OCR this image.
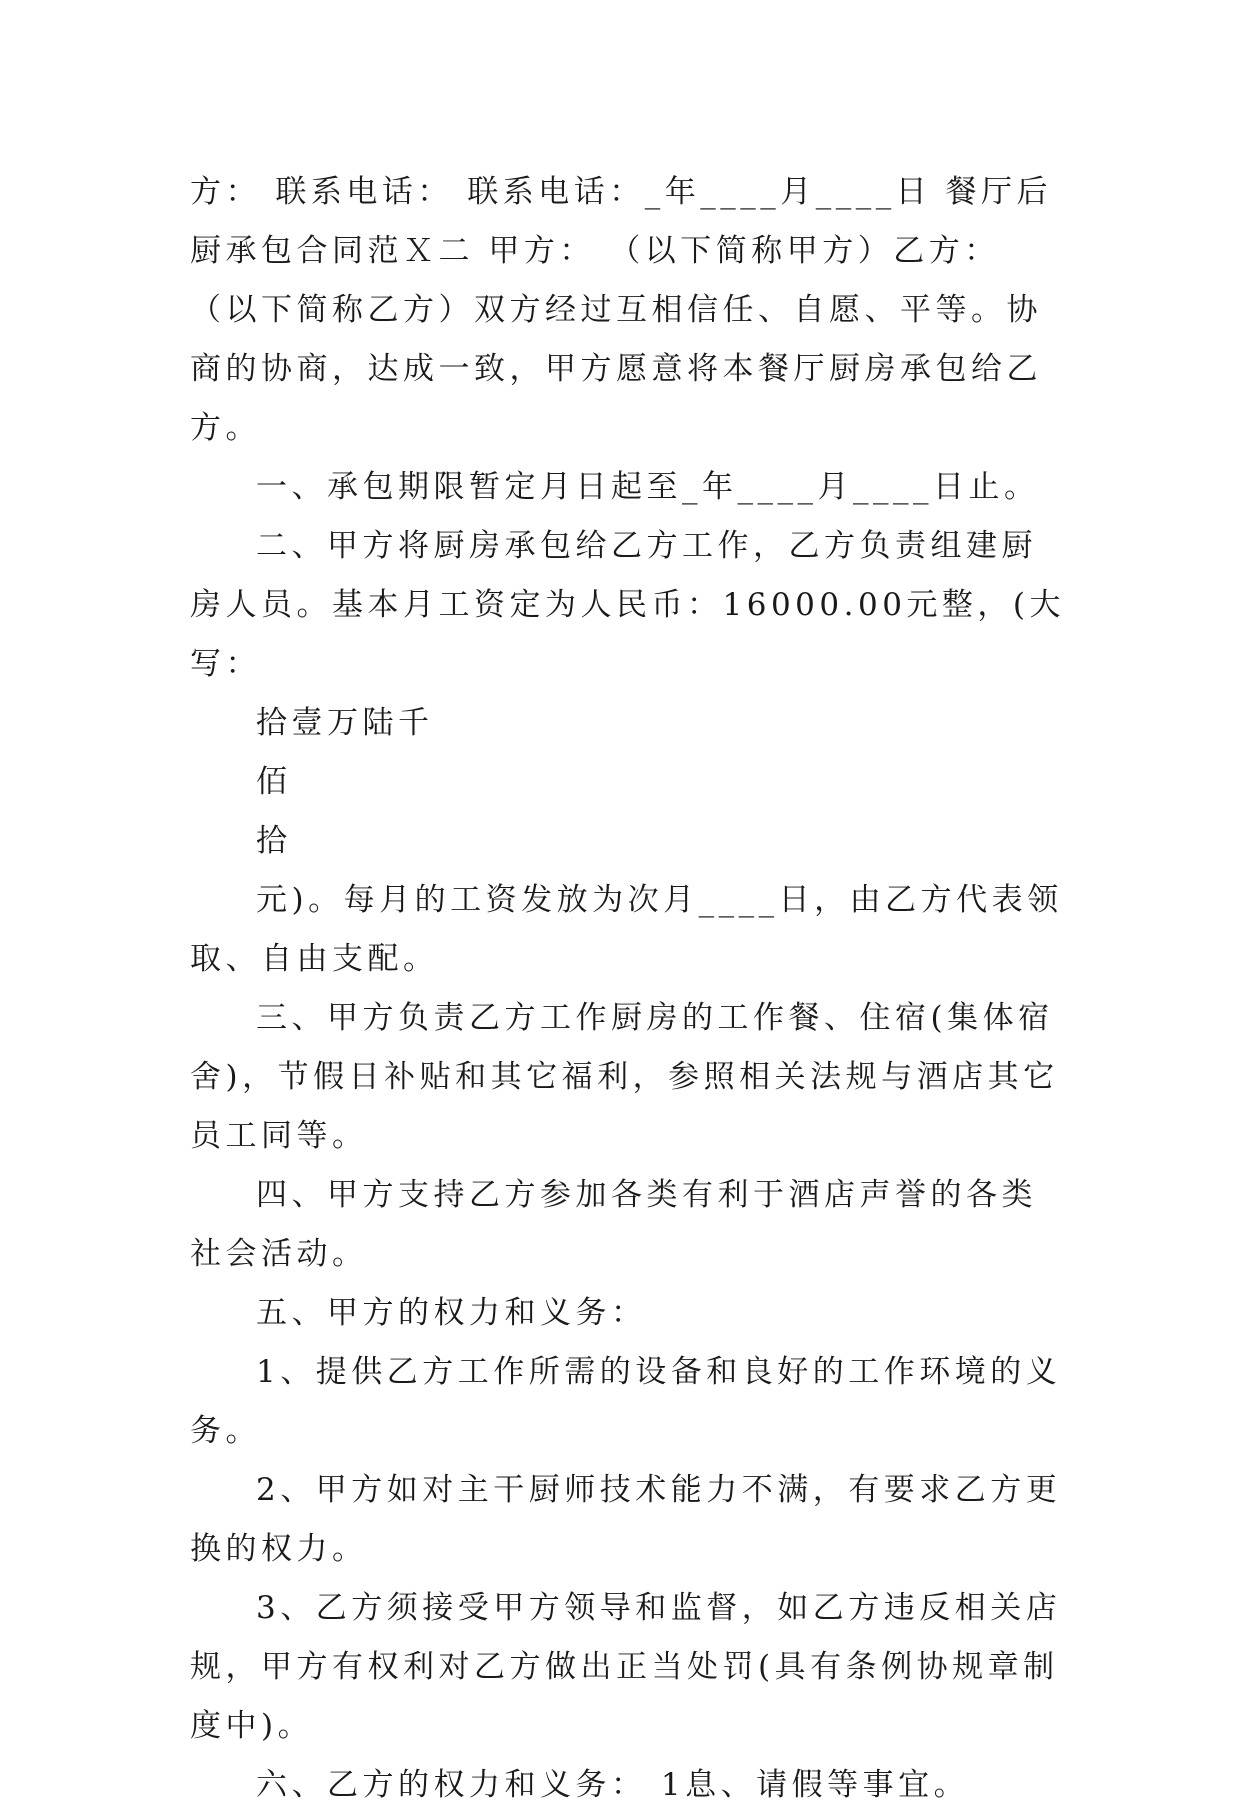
方： 联系电话： 联系电话：_年____月____日 餐厅后厨承包合同范Ｘ二 甲方： （以下简称甲方）乙方： （以下简称乙方）双方经过互相信任、自愿、平等。协商的协商，达成一致，甲方愿意将本餐厅厨房承包给乙方。

一、承包期限暂定月日起至_年____月____日止。

二、甲方将厨房承包给乙方工作，乙方负责组建厨房人员。基本月工资定为人民币：16000.00元整，(大写：

拾壹万陆千

佰

拾

元)。每月的工资发放为次月____日，由乙方代表领取、自由支配。

三、甲方负责乙方工作厨房的工作餐、住宿(集体宿舍)，节假日补贴和其它福利，参照相关法规与酒店其它员工同等。

四、甲方支持乙方参加各类有利于酒店声誉的各类社会活动。

五、甲方的权力和义务：

1、提供乙方工作所需的设备和良好的工作环境的义务。

2、甲方如对主干厨师技术能力不满，有要求乙方更换的权力。

3、乙方须接受甲方领导和监督，如乙方违反相关店规，甲方有权利对乙方做出正当处罚(具有条例协规章制度中)。

六、乙方的权力和义务： 1息、请假等事宜。
